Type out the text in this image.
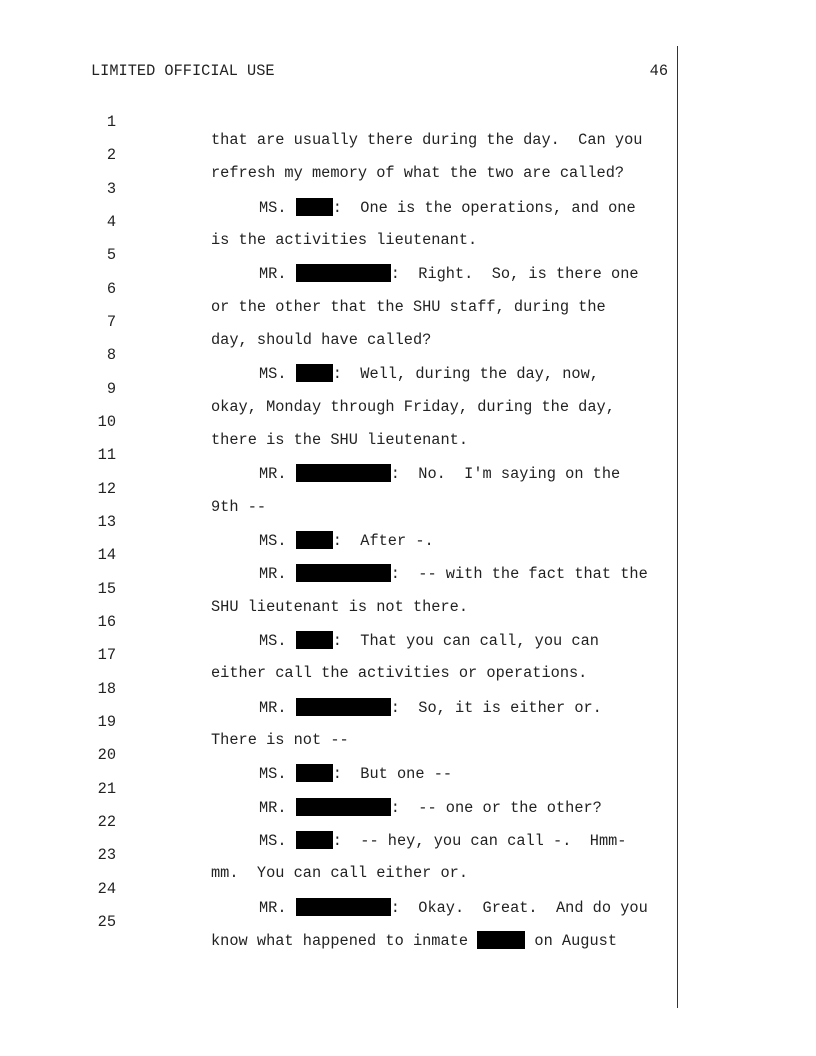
LIMITED OFFICIAL USE	46

1

that are usually there during the day.  Can you

2

refresh my memory of what the two are called?

3

MS.	:  One is the operations, and one

4

is the activities lieutenant.

5

MR.	:  Right.  So, is there one

6

or the other that the SHU staff, during the

7

day, should have called?

8

MS.	:  Well, during the day, now,

9

okay, Monday through Friday, during the day,

10

there is the SHU lieutenant.

11

MR.	:  No.  I'm saying on the

12

9th --

13

MS.	:  After -.

14

MR.	:  -- with the fact that the

15

SHU lieutenant is not there.

16

MS.	:  That you can call, you can

17

either call the activities or operations.

18

MR.	:  So, it is either or.

19

There is not --

20

MS.	:  But one --

21

MR.	:  -- one or the other?

22

MS.	:  -- hey, you can call -.  Hmm-

23

mm.  You can call either or.

24

MR.	:  Okay.  Great.  And do you

25

know what happened to inmate	on August
